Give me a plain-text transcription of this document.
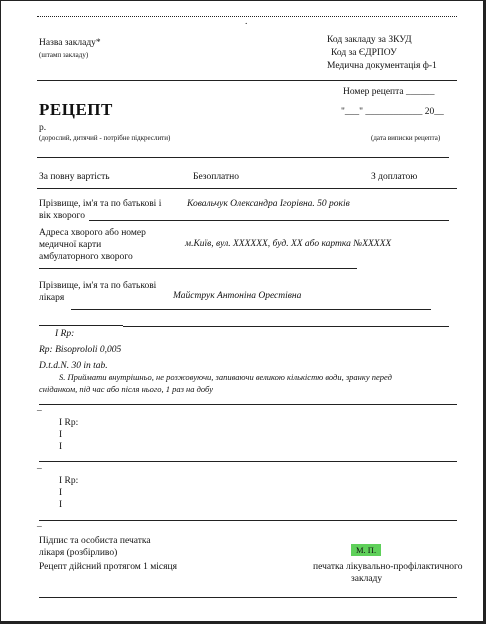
.
Назва закладу*
(штамп закладу)
Код закладу за ЗКУД
Код за ЄДРПОУ
Медична документація ф-1
Номер рецепта ______
РЕЦЕПТ	"___" ____________ 20__
р.
(дорослий, дитячий - потрібне підкреслити)	(дата виписки рецепта)
За повну вартість	Безоплатно	З доплатою
Прізвище, ім'я та по батькові і
вік хворого
Ковальчук Олександра Ігорівна. 50 років
Адреса хворого або номер
медичної карти
амбулаторного хворого
м.Київ, вул. ХXXXXX, буд. ХХ або картка №XXXXX
Прізвище, ім'я та по батькові
лікаря	Майструк Антоніна Орестівна
I Rp:
Rp: Bisoprololi 0,005
D.t.d.N. 30 in tab.
S. Приймати внутрішньо, не розжовуючи, запиваючи великою кількістю води, зранку перед
сніданком, під час або після нього, 1 раз на добу
_
I Rp:
I
I
_
I Rp:
I
I
_
Підпис та особиста печатка
лікаря (розбірливо)	М. П.
Рецепт дійсний протягом 1 місяця	печатка лікувально-профілактичного
закладу
